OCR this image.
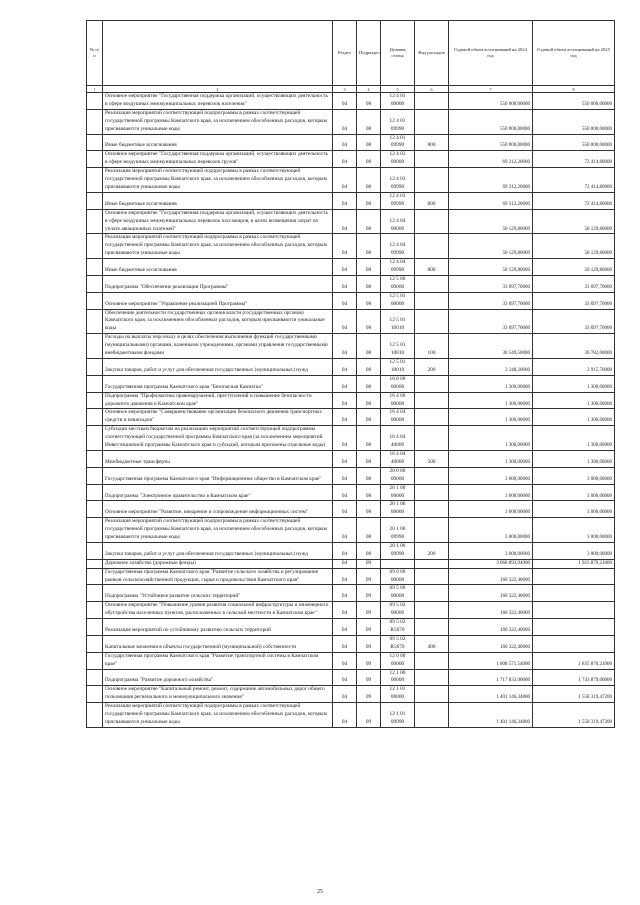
№ п/п		Раздел	Подраздел	Целевая статья	Вид расходов	Годовой объем ассигнований на 2024 год	Годовой объем ассигнований на 2025 год
1	2	3	4	5	6	7	8
	Основное мероприятие "Государственная поддержка организаций, осуществляющих деятельность в сфере воздушных межмуниципальных перевозок населения"	04	08	12 4 01 00000		550 000,00000	550 000,00000
	Реализация мероприятий соответствующей подпрограммы в рамках соответствующей государственной программы Камчатского края, за исключением обособленных расходов, которым присваиваются уникальные коды	04	08	12 4 01 09990		550 000,00000	550 000,00000
	Иные бюджетные ассигнования	04	08	12 4 01 09990	800	550 000,00000	550 000,00000
	Основное мероприятие "Государственная поддержка организаций, осуществляющих деятельность в сфере воздушных межмуниципальных перевозок грузов"	04	08	12 4 03 00000		69 312,20000	72 414,80000
	Реализация мероприятий соответствующей подпрограммы в рамках соответствующей государственной программы Камчатского края, за исключением обособленных расходов, которым присваиваются уникальные коды	04	08	12 4 03 09990		69 312,20000	72 414,80000
	Иные бюджетные ассигнования	04	08	12 4 03 09990	800	69 312,20000	72 414,80000
	Основное мероприятие "Государственная поддержка организаций, осуществляющих деятельность в сфере воздушных межмуниципальных перевозок пассажиров, в целях возмещения затрат по уплате авиационных платежей"	04	08	12 4 04 00000		50 129,80000	50 129,80000
	Реализация мероприятий соответствующей подпрограммы в рамках соответствующей государственной программы Камчатского края, за исключением обособленных расходов, которым присваиваются уникальные коды	04	08	12 4 04 09990		50 129,80000	50 129,80000
	Иные бюджетные ассигнования	04	08	12 4 04 09990	800	50 129,80000	50 129,80000
	Подпрограмма "Обеспечение реализации Программы"	04	08	12 5 00 00000		33 697,70000	33 697,70000
	Основное мероприятие "Управление реализацией Программы"	04	08	12 5 01 00000		33 697,70000	33 697,70000
	Обеспечение деятельности государственных органов власти (государственных органов) Камчатского края, за исключением обособленных расходов, которым присваиваются уникальные коды	04	08	12 5 01 10010		33 697,70000	33 697,70000
	Расходы на выплаты персоналу в целях обеспечения выполнения функций государственными (муниципальными) органами, казенными учреждениями, органами управления государственными внебюджетными фондами	04	08	12 5 01 10010	100	30 549,50000	30 782,00000
	Закупка товаров, работ и услуг для обеспечения государственных (муниципальных) нужд	04	08	12 5 01 10010	200	3 148,20000	2 915,70000
	Государственная программа Камчатского края "Безопасная Камчатка"	04	08	16 0 00 00000		1 300,00000	1 300,00000
	Подпрограмма "Профилактика правонарушений, преступлений и повышение безопасности дорожного движения в Камчатском крае"	04	08	16 4 00 00000		1 300,00000	1 300,00000
	Основное мероприятие "Совершенствование организации безопасного движения транспортных средств и пешеходов"	04	08	16 4 04 00000		1 300,00000	1 300,00000
	Субсидии местным бюджетам на реализацию мероприятий соответствующей подпрограммы соответствующей государственной программы Камчатского края (за исключением мероприятий Инвестиционной программы Камчатского края и субсидий, которым присвоены отдельные коды)	04	08	16 4 04 40000		1 300,00000	1 300,00000
	Межбюджетные трансферты	04	08	16 4 04 40000	500	1 300,00000	1 300,00000
	Государственная программа Камчатского края "Информационное общество в Камчатском крае"	04	08	20 0 00 00000		3 000,00000	3 000,00000
	Подпрограмма "Электронное правительство в Камчатском крае"	04	08	20 1 00 00000		3 000,00000	3 000,00000
	Основное мероприятие "Развитие, внедрение и сопровождение информационных систем"	04	08	20 1 06 00000		3 000,00000	3 000,00000
	Реализация мероприятий соответствующей подпрограммы в рамках соответствующей государственной программы Камчатского края, за исключением обособленных расходов, которым присваиваются уникальные коды	04	08	20 1 06 09990		3 000,00000	3 000,00000
	Закупка товаров, работ и услуг для обеспечения государственных (муниципальных) нужд	04	08	20 1 06 09990	200	3 000,00000	3 000,00000
	Дорожное хозяйство (дорожные фонды)	04	09			3 068 893,94000	1 923 879,21000
	Государственная программа Камчатского края "Развитие сельского хозяйства и регулирование рынков сельскохозяйственной продукции, сырья и продовольствия Камчатского края"	04	09	09 0 00 00000		160 322,40000	
	Подпрограмма "Устойчивое развитие сельских территорий"	04	09	09 5 00 00000		160 322,40000	
	Основное мероприятие "Повышение уровня развития социальной инфраструктуры и инженерного обустройства населенных пунктов, расположенных в сельской местности в Камчатском крае"	04	09	09 5 02 00000		160 322,40000	
	Реализация мероприятий по устойчивому развитию сельских территорий	04	09	09 5 02 R5670		160 322,40000	
	Капитальные вложения в объекты государственной (муниципальной) собственности	04	09	09 5 02 R5670	400	160 322,40000	
	Государственная программа Камчатского края "Развитие транспортной системы в Камчатском крае"	04	09	12 0 00 00000		1 808 571,54000	1 835 870,21000
	Подпрограмма "Развитие дорожного хозяйства"	04	09	12 1 00 00000		1 717 833,00000	1 743 879,00000
	Основное мероприятие "Капитальный ремонт, ремонт, содержание автомобильных дорог общего пользования регионального и межмуниципального значения"	04	09	12 1 01 00000		1 401 146,34800	1 558 319,47200
	Реализация мероприятий соответствующей подпрограммы в рамках соответствующей государственной программы Камчатского края, за исключением обособленных расходов, которым присваиваются уникальные коды	04	09	12 1 01 09990		1 401 146,34800	1 558 319,47200
25
